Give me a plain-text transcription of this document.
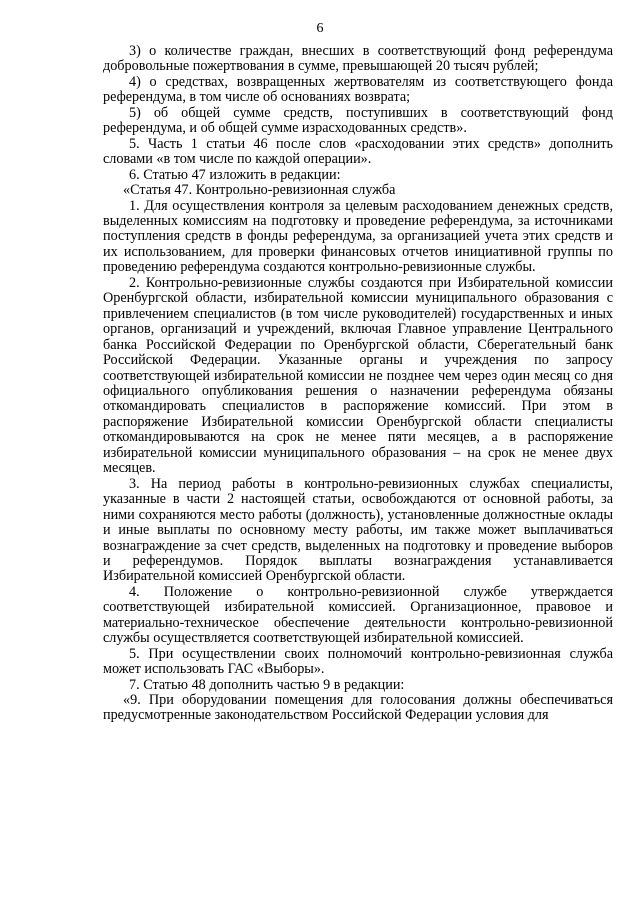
6

3) о количестве граждан, внесших в соответствующий фонд референдума добровольные пожертвования в сумме, превышающей 20 тысяч рублей;

4) о средствах, возвращенных жертвователям из соответствующего фонда референдума, в том числе об основаниях возврата;

5) об общей сумме средств, поступивших в соответствующий фонд референдума, и об общей сумме израсходованных средств».

5. Часть 1 статьи 46 после слов «расходовании этих средств» дополнить словами «в том числе по каждой операции».

6. Статью 47 изложить в редакции:

«Статья 47. Контрольно-ревизионная служба

1. Для осуществления контроля за целевым расходованием денежных средств, выделенных комиссиям на подготовку и проведение референдума, за источниками поступления средств в фонды референдума, за организацией учета этих средств и их использованием, для проверки финансовых отчетов инициативной группы по проведению референдума создаются контрольно-ревизионные службы.

2. Контрольно-ревизионные службы создаются при Избирательной комиссии Оренбургской области, избирательной комиссии муниципального образования с привлечением специалистов (в том числе руководителей) государственных и иных органов, организаций и учреждений, включая Главное управление Центрального банка Российской Федерации по Оренбургской области, Сберегательный банк Российской Федерации. Указанные органы и учреждения по запросу соответствующей избирательной комиссии не позднее чем через один месяц со дня официального опубликования решения о назначении референдума обязаны откомандировать специалистов в распоряжение комиссий. При этом в распоряжение Избирательной комиссии Оренбургской области специалисты откомандировываются на срок не менее пяти месяцев, а в распоряжение избирательной комиссии муниципального образования – на срок не менее двух месяцев.

3. На период работы в контрольно-ревизионных службах специалисты, указанные в части 2 настоящей статьи, освобождаются от основной работы, за ними сохраняются место работы (должность), установленные должностные оклады и иные выплаты по основному месту работы, им также может выплачиваться вознаграждение за счет средств, выделенных на подготовку и проведение выборов и референдумов. Порядок выплаты вознаграждения устанавливается Избирательной комиссией Оренбургской области.

4. Положение о контрольно-ревизионной службе утверждается соответствующей избирательной комиссией. Организационное, правовое и материально-техническое обеспечение деятельности контрольно-ревизионной службы осуществляется соответствующей избирательной комиссией.

5. При осуществлении своих полномочий контрольно-ревизионная служба может использовать ГАС «Выборы».

7. Статью 48 дополнить частью 9 в редакции:

«9. При оборудовании помещения для голосования должны обеспечиваться предусмотренные законодательством Российской Федерации условия для
